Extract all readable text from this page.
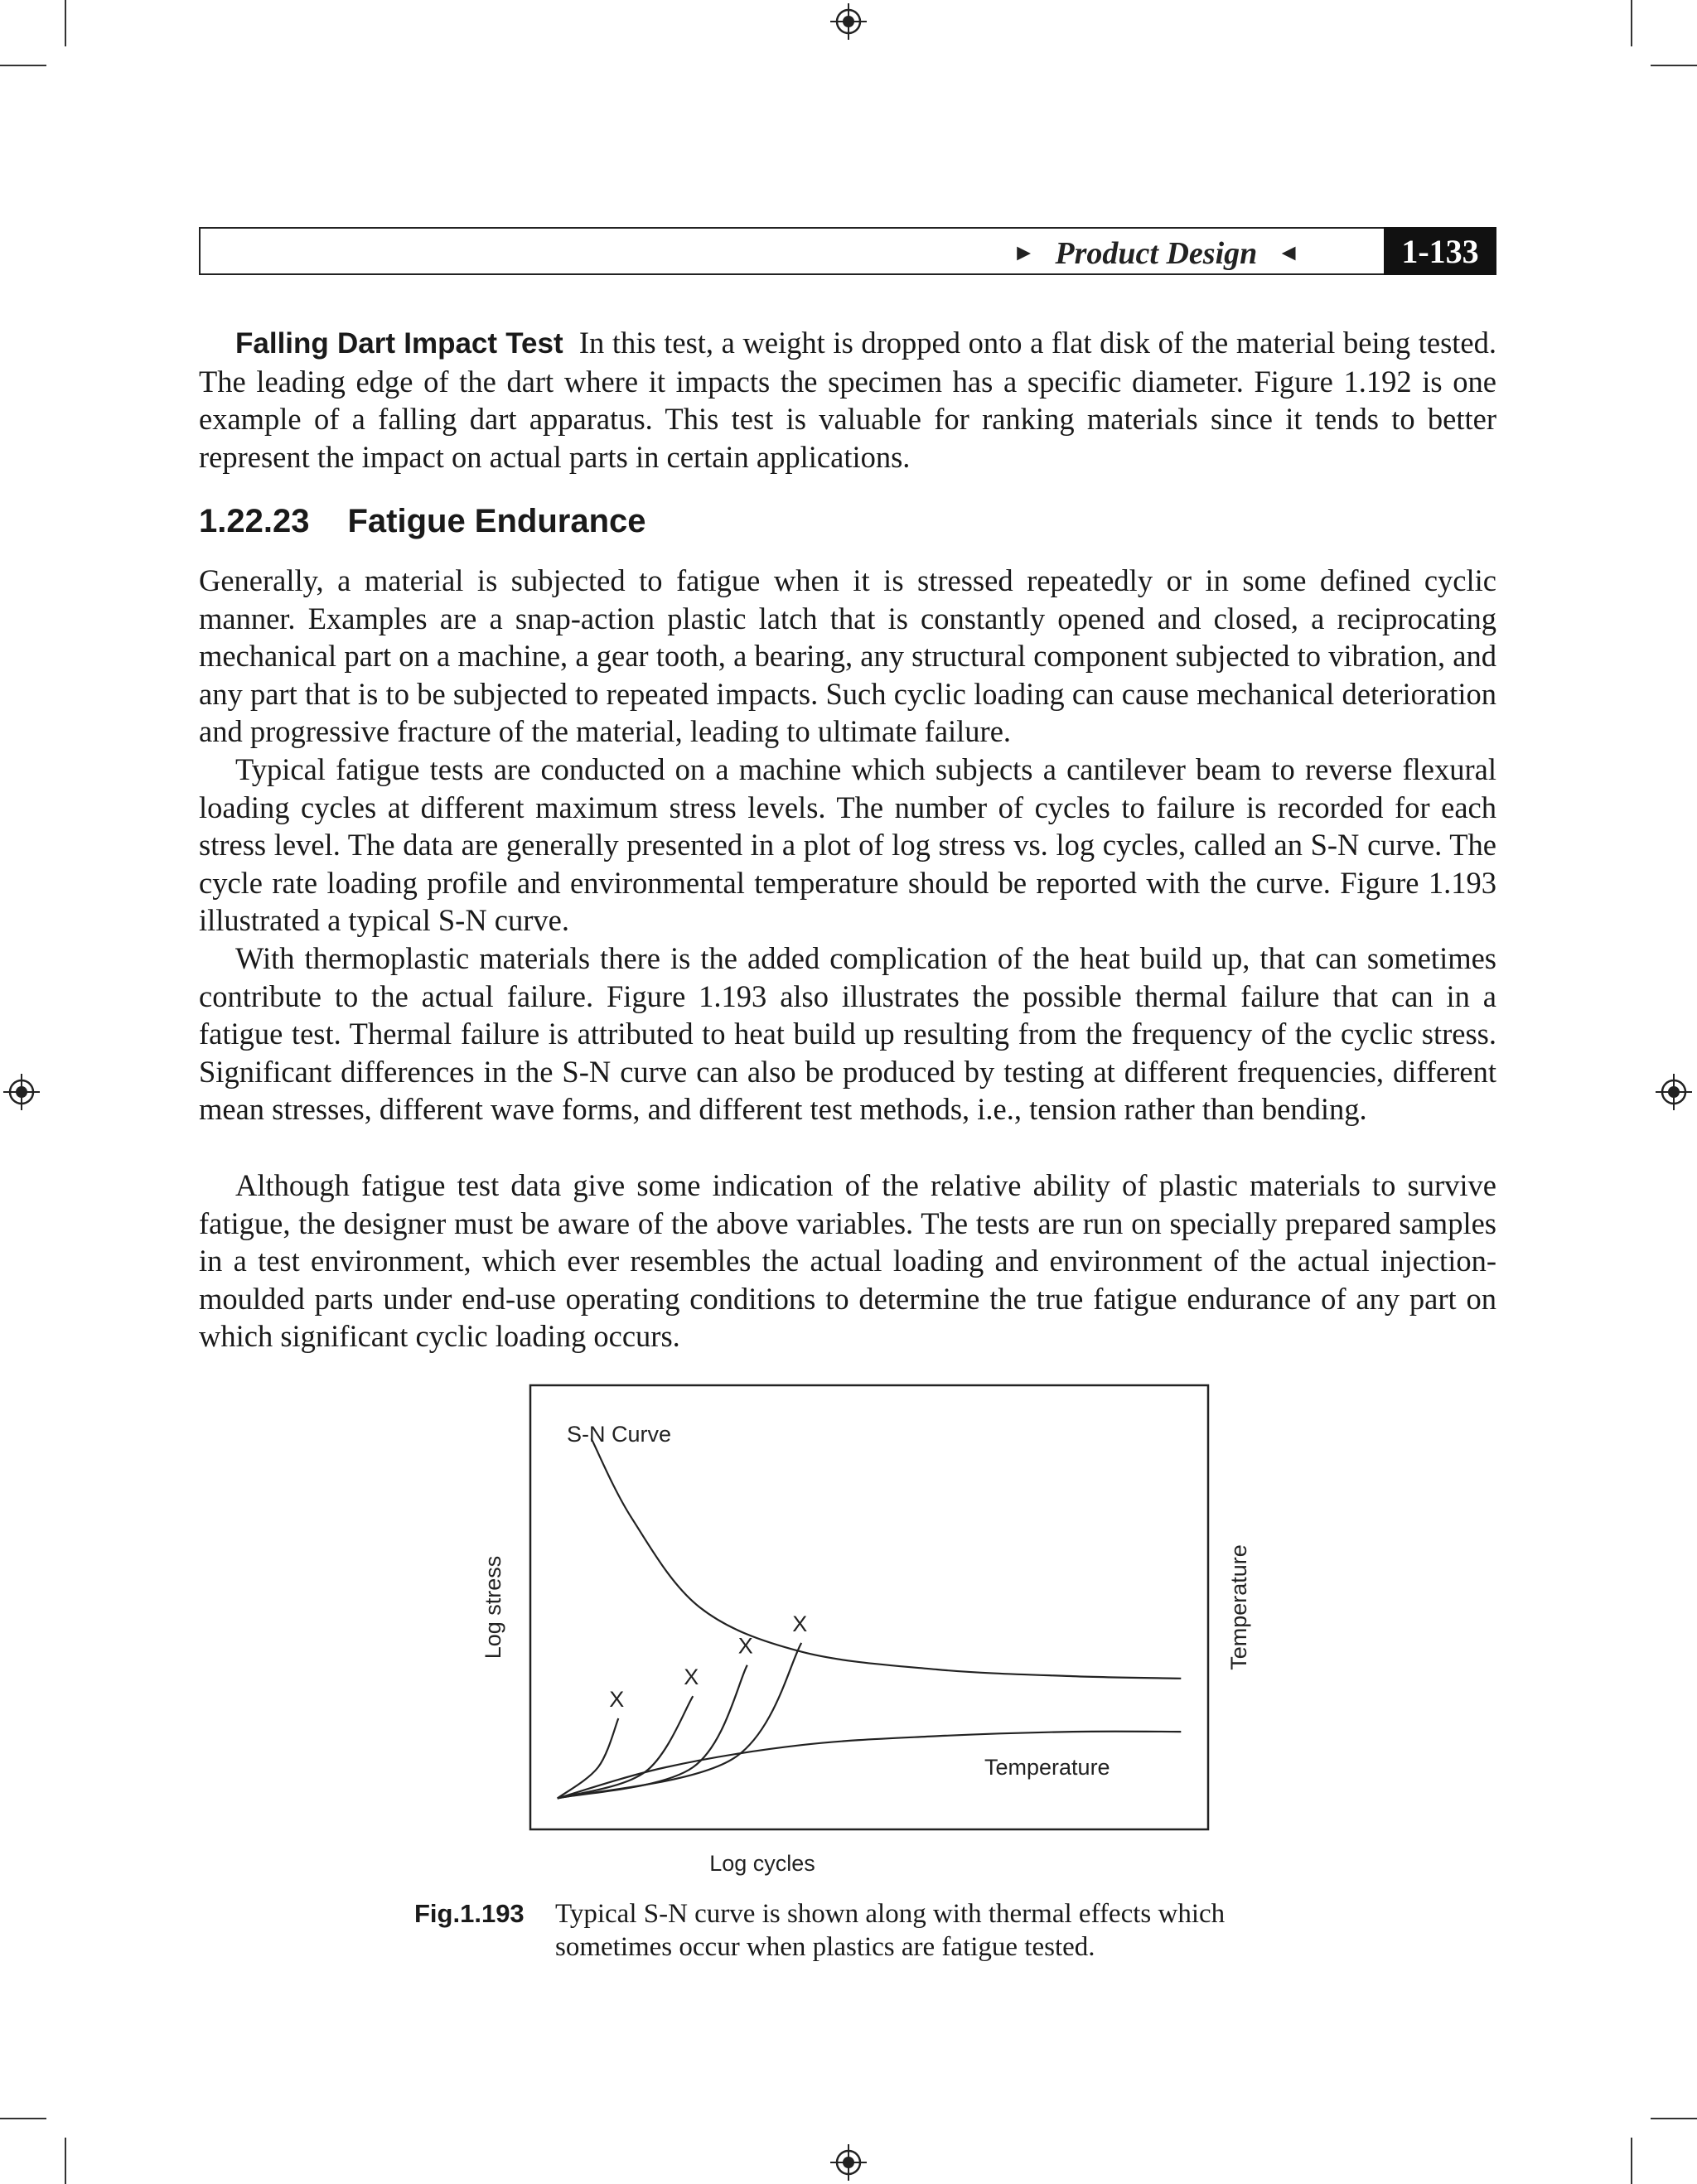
► Product Design ◄	1-133

Falling Dart Impact Test In this test, a weight is dropped onto a flat disk of the material being tested. The leading edge of the dart where it impacts the specimen has a specific diameter. Figure 1.192 is one example of a falling dart apparatus. This test is valuable for ranking materials since it tends to better represent the impact on actual parts in certain applications.

1.22.23 Fatigue Endurance

Generally, a material is subjected to fatigue when it is stressed repeatedly or in some defined cyclic manner. Examples are a snap-action plastic latch that is constantly opened and closed, a reciprocating mechanical part on a machine, a gear tooth, a bearing, any structural component subjected to vibration, and any part that is to be subjected to repeated impacts. Such cyclic loading can cause mechanical deterioration and progressive fracture of the material, leading to ultimate failure.

Typical fatigue tests are conducted on a machine which subjects a cantilever beam to reverse flexural loading cycles at different maximum stress levels. The number of cycles to failure is recorded for each stress level. The data are generally presented in a plot of log stress vs. log cycles, called an S-N curve. The cycle rate loading profile and environmental temperature should be reported with the curve. Figure 1.193 illustrated a typical S-N curve.

With thermoplastic materials there is the added complication of the heat build up, that can sometimes contribute to the actual failure. Figure 1.193 also illustrates the possible thermal failure that can in a fatigue test. Thermal failure is attributed to heat build up resulting from the frequency of the cyclic stress. Significant differences in the S-N curve can also be produced by testing at different frequencies, different mean stresses, different wave forms, and different test methods, i.e., tension rather than bending.

Although fatigue test data give some indication of the relative ability of plastic materials to survive fatigue, the designer must be aware of the above variables. The tests are run on specially prepared samples in a test environment, which ever resembles the actual loading and environment of the actual injection-moulded parts under end-use operating conditions to determine the true fatigue endurance of any part on which significant cyclic loading occurs.

S-N Curve
Temperature
Log stress	Temperature
Log cycles
X
X
X
X
Fig.1.193	Typical S-N curve is shown along with thermal effects which sometimes occur when plastics are fatigue tested.
